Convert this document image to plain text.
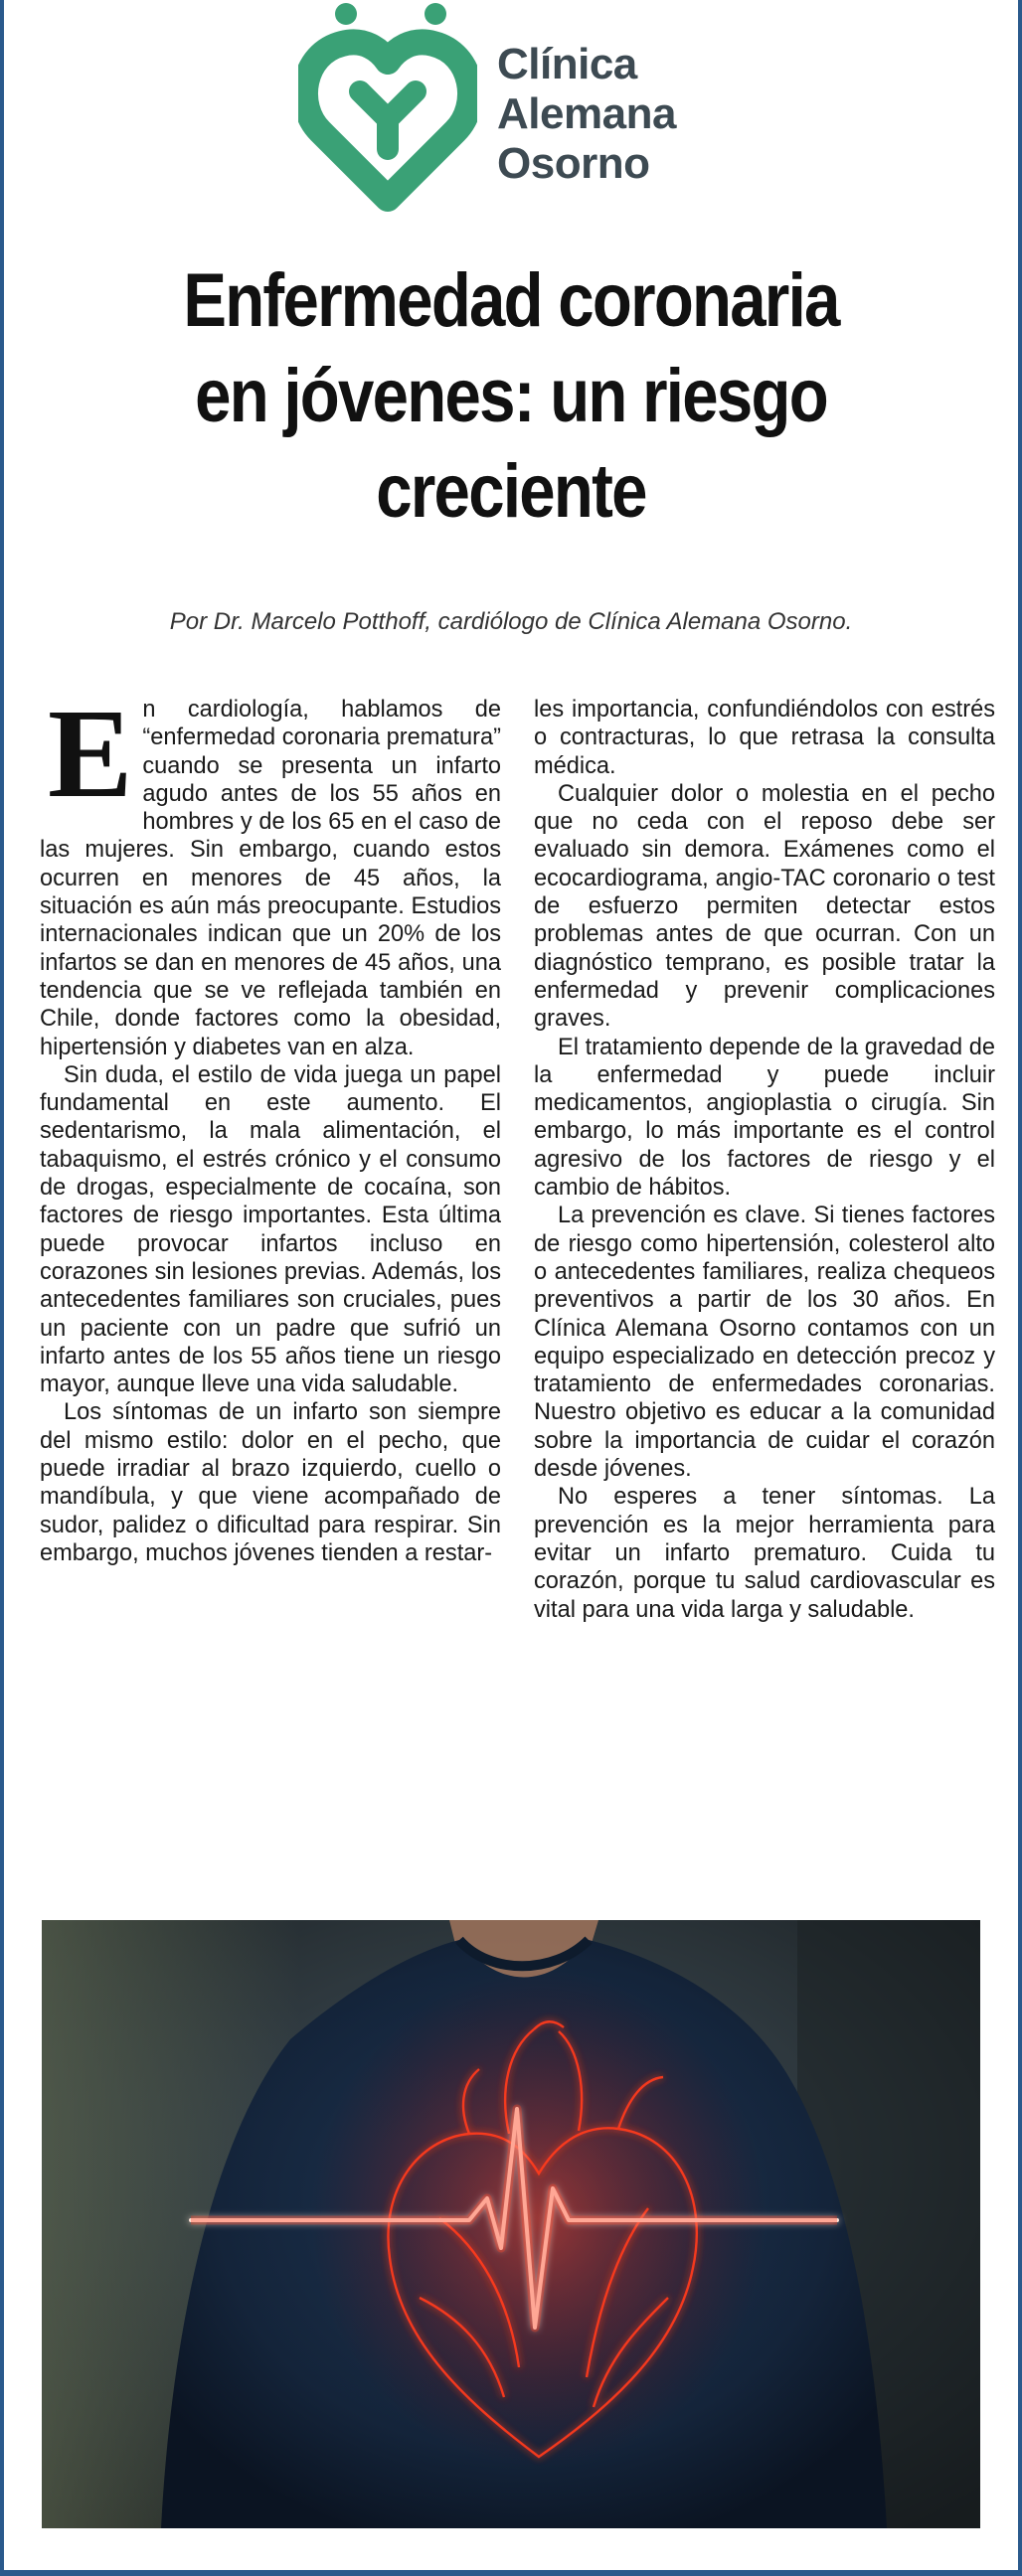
Clínica
Alemana
Osorno
Enfermedad coronaria
en jóvenes: un riesgo
creciente

Por Dr. Marcelo Potthoff, cardiólogo de Clínica Alemana Osorno.

E n cardiología, hablamos de “enfermedad coronaria prematura” cuando se presenta un infarto agudo antes de los 55 años en hombres y de los 65 en el caso de las mujeres. Sin embargo, cuando estos ocurren en menores de 45 años, la situación es aún más preocupante. Estudios internacionales indican que un 20% de los infartos se dan en menores de 45 años, una tendencia que se ve reflejada también en Chile, donde factores como la obesidad, hipertensión y diabetes van en alza.

Sin duda, el estilo de vida juega un papel fundamental en este aumento. El sedentarismo, la mala alimentación, el tabaquismo, el estrés crónico y el consumo de drogas, especialmente de cocaína, son factores de riesgo importantes. Esta última puede provocar infartos incluso en corazones sin lesiones previas. Además, los antecedentes familiares son cruciales, pues un paciente con un padre que sufrió un infarto antes de los 55 años tiene un riesgo mayor, aunque lleve una vida saludable.

Los síntomas de un infarto son siempre del mismo estilo: dolor en el pecho, que puede irradiar al brazo izquierdo, cuello o mandíbula, y que viene acompañado de sudor, palidez o dificultad para respirar. Sin embargo, muchos jóvenes tienden a restar-

les importancia, confundiéndolos con estrés o contracturas, lo que retrasa la consulta médica.

Cualquier dolor o molestia en el pecho que no ceda con el reposo debe ser evaluado sin demora. Exámenes como el ecocardiograma, angio-TAC coronario o test de esfuerzo permiten detectar estos problemas antes de que ocurran. Con un diagnóstico temprano, es posible tratar la enfermedad y prevenir complicaciones graves.

El tratamiento depende de la gravedad de la enfermedad y puede incluir medicamentos, angioplastia o cirugía. Sin embargo, lo más importante es el control agresivo de los factores de riesgo y el cambio de hábitos.

La prevención es clave. Si tienes factores de riesgo como hipertensión, colesterol alto o antecedentes familiares, realiza chequeos preventivos a partir de los 30 años. En Clínica Alemana Osorno contamos con un equipo especializado en detección precoz y tratamiento de enfermedades coronarias. Nuestro objetivo es educar a la comunidad sobre la importancia de cuidar el corazón desde jóvenes.

No esperes a tener síntomas. La prevención es la mejor herramienta para evitar un infarto prematuro. Cuida tu corazón, porque tu salud cardiovascular es vital para una vida larga y saludable.
